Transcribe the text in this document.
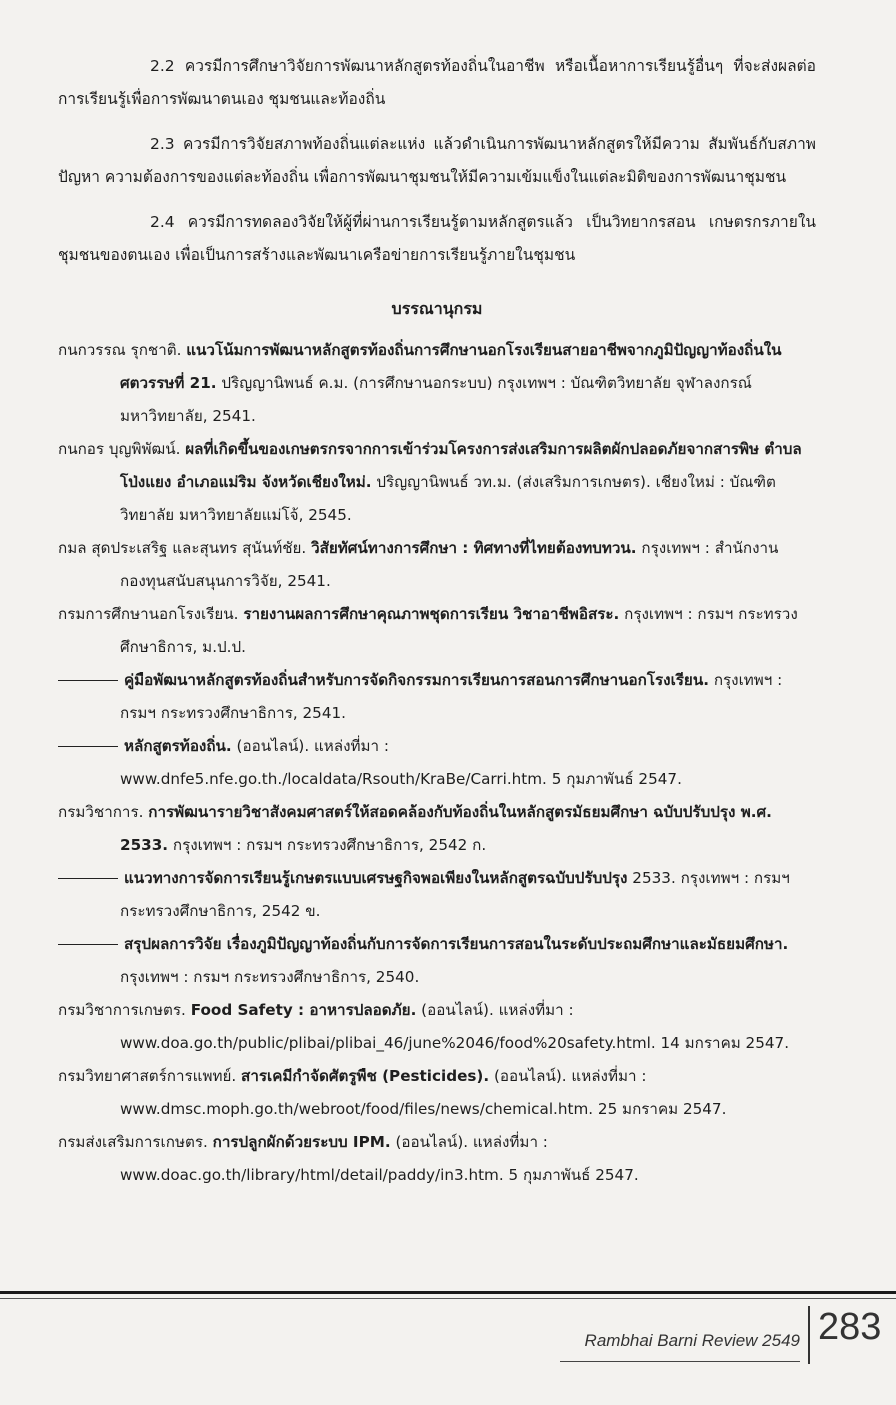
2.2 ควรมีการศึกษาวิจัยการพัฒนาหลักสูตรท้องถิ่นในอาชีพ หรือเนื้อหาการเรียนรู้อื่นๆ ที่จะส่งผลต่อการเรียนรู้เพื่อการพัฒนาตนเอง ชุมชนและท้องถิ่น

2.3 ควรมีการวิจัยสภาพท้องถิ่นแต่ละแห่ง แล้วดำเนินการพัฒนาหลักสูตรให้มีความ สัมพันธ์กับสภาพปัญหา ความต้องการของแต่ละท้องถิ่น เพื่อการพัฒนาชุมชนให้มีความเข้มแข็งในแต่ละมิติของการพัฒนาชุมชน

2.4 ควรมีการทดลองวิจัยให้ผู้ที่ผ่านการเรียนรู้ตามหลักสูตรแล้ว เป็นวิทยากรสอน เกษตรกรภายในชุมชนของตนเอง เพื่อเป็นการสร้างและพัฒนาเครือข่ายการเรียนรู้ภายในชุมชน

บรรณานุกรม

กนกวรรณ รุกชาติ. แนวโน้มการพัฒนาหลักสูตรท้องถิ่นการศึกษานอกโรงเรียนสายอาชีพจากภูมิปัญญาท้องถิ่นในศตวรรษที่ 21. ปริญญานิพนธ์ ค.ม. (การศึกษานอกระบบ) กรุงเทพฯ : บัณฑิตวิทยาลัย จุฬาลงกรณ์มหาวิทยาลัย, 2541.

กนกอร บุญพิพัฒน์. ผลที่เกิดขึ้นของเกษตรกรจากการเข้าร่วมโครงการส่งเสริมการผลิตผักปลอดภัยจากสารพิษ ตำบลโป่งแยง อำเภอแม่ริม จังหวัดเชียงใหม่. ปริญญานิพนธ์ วท.ม. (ส่งเสริมการเกษตร). เชียงใหม่ : บัณฑิตวิทยาลัย มหาวิทยาลัยแม่โจ้, 2545.

กมล สุดประเสริฐ และสุนทร สุนันท์ชัย. วิสัยทัศน์ทางการศึกษา : ทิศทางที่ไทยต้องทบทวน. กรุงเทพฯ : สำนักงานกองทุนสนับสนุนการวิจัย, 2541.

กรมการศึกษานอกโรงเรียน. รายงานผลการศึกษาคุณภาพชุดการเรียน วิชาอาชีพอิสระ. กรุงเทพฯ : กรมฯ กระทรวงศึกษาธิการ, ม.ป.ป.

คู่มือพัฒนาหลักสูตรท้องถิ่นสำหรับการจัดกิจกรรมการเรียนการสอนการศึกษานอกโรงเรียน. กรุงเทพฯ : กรมฯ กระทรวงศึกษาธิการ, 2541.

หลักสูตรท้องถิ่น. (ออนไลน์). แหล่งที่มา : www.dnfe5.nfe.go.th./localdata/Rsouth/KraBe/Carri.htm. 5 กุมภาพันธ์ 2547.

กรมวิชาการ. การพัฒนารายวิชาสังคมศาสตร์ให้สอดคล้องกับท้องถิ่นในหลักสูตรมัธยมศึกษา ฉบับปรับปรุง พ.ศ. 2533. กรุงเทพฯ : กรมฯ กระทรวงศึกษาธิการ, 2542 ก.

แนวทางการจัดการเรียนรู้เกษตรแบบเศรษฐกิจพอเพียงในหลักสูตรฉบับปรับปรุง 2533. กรุงเทพฯ : กรมฯ กระทรวงศึกษาธิการ, 2542 ข.

สรุปผลการวิจัย เรื่องภูมิปัญญาท้องถิ่นกับการจัดการเรียนการสอนในระดับประถมศึกษาและมัธยมศึกษา. กรุงเทพฯ : กรมฯ กระทรวงศึกษาธิการ, 2540.

กรมวิชาการเกษตร. Food Safety : อาหารปลอดภัย. (ออนไลน์). แหล่งที่มา : www.doa.go.th/public/plibai/plibai_46/june%2046/food%20safety.html. 14 มกราคม 2547.

กรมวิทยาศาสตร์การแพทย์. สารเคมีกำจัดศัตรูพืช (Pesticides). (ออนไลน์). แหล่งที่มา : www.dmsc.moph.go.th/webroot/food/files/news/chemical.htm. 25 มกราคม 2547.

กรมส่งเสริมการเกษตร. การปลูกผักด้วยระบบ IPM. (ออนไลน์). แหล่งที่มา : www.doac.go.th/library/html/detail/paddy/in3.htm. 5 กุมภาพันธ์ 2547.

Rambhai Barni Review 2549 283
